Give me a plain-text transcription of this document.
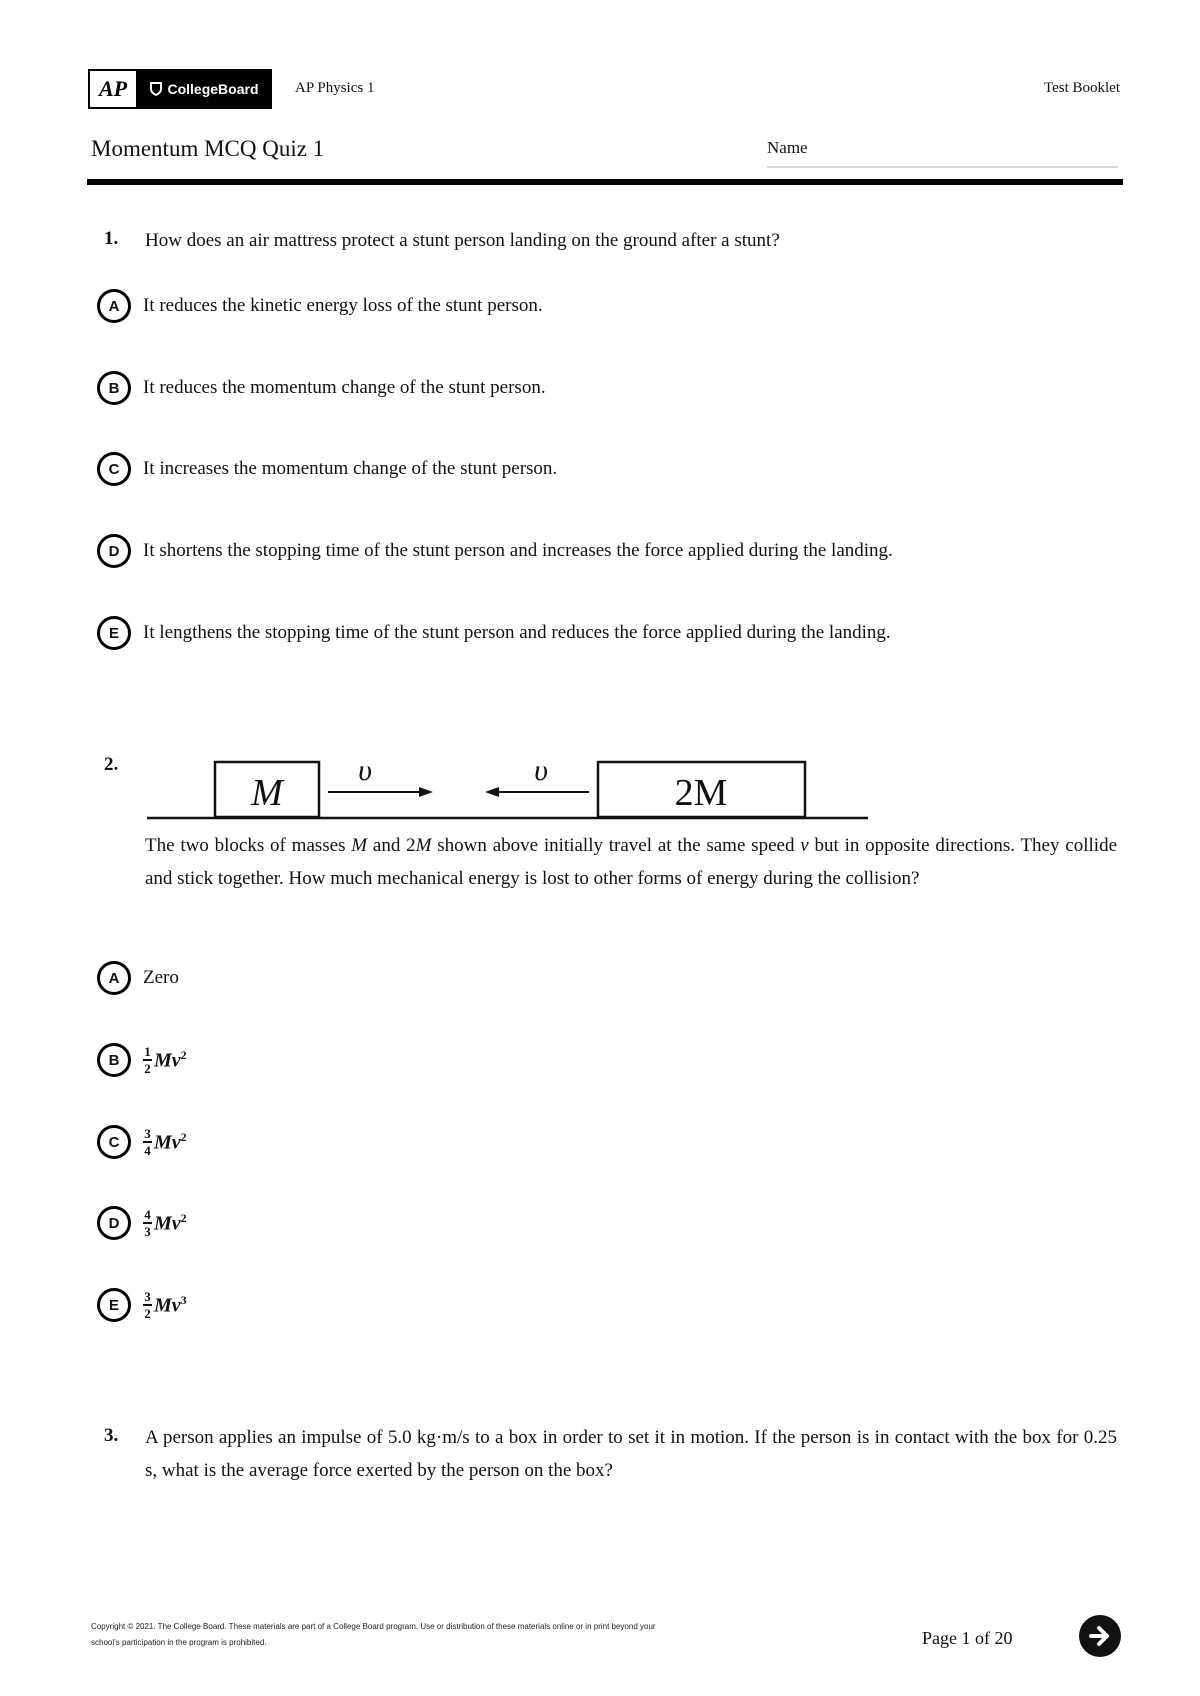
AP	CollegeBoard AP Physics 1	Test Booklet
Momentum MCQ Quiz 1	Name
1. How does an air mattress protect a stunt person landing on the ground after a stunt?
A	It reduces the kinetic energy loss of the stunt person.
B	It reduces the momentum change of the stunt person.
C	It increases the momentum change of the stunt person.
D	It shortens the stopping time of the stunt person and increases the force applied during the landing.
E	It lengthens the stopping time of the stunt person and reduces the force applied during the landing.
2.
M	2M
υ	υ
The two blocks of masses M and 2M shown above initially travel at the same speed v but in opposite directions. They collide and stick together. How much mechanical energy is lost to other forms of energy during the collision?
A	Zero
B	$\frac{1}{2} Mv^2$
C	$\frac{3}{4} Mv^2$
D	$\frac{4}{3} Mv^2$
E	$\frac{3}{2} Mv^3$
3. A person applies an impulse of 5.0 kg·m/s to a box in order to set it in motion. If the person is in contact with the box for 0.25 s, what is the average force exerted by the person on the box?
Copyright © 2021. The College Board. These materials are part of a College Board program. Use or distribution of these materials online or in print beyond your
school’s participation in the program is prohibited.	Page 1 of 20
